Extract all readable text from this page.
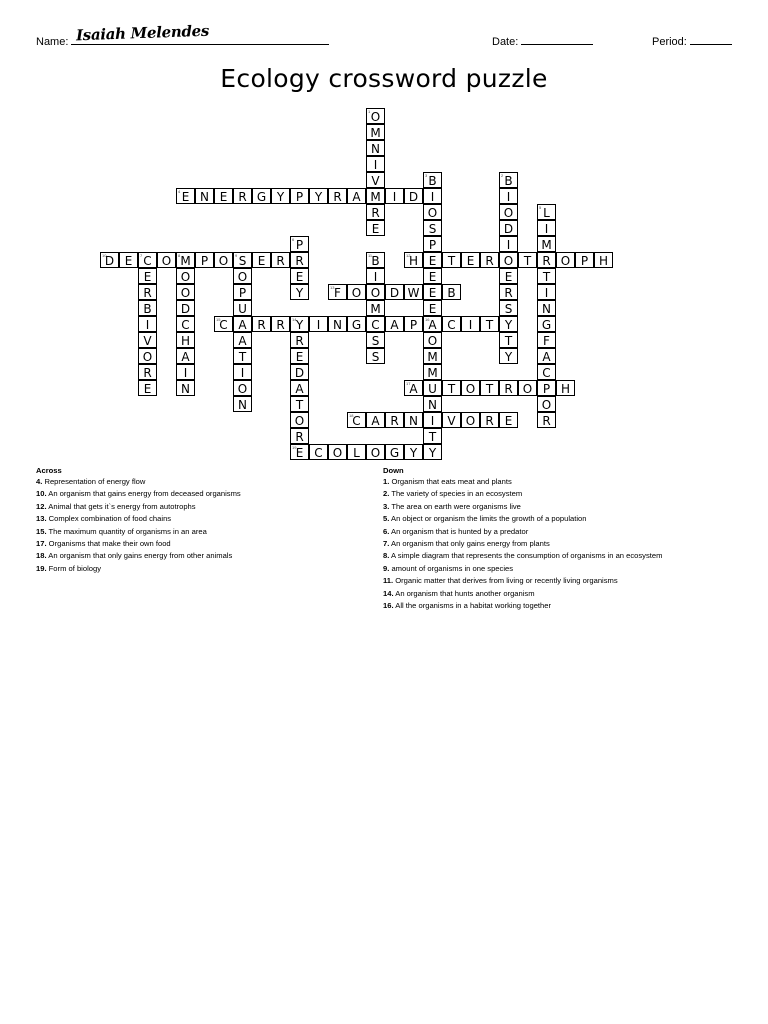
Name: Isaiah Melendes	Date:	Period:
Ecology crossword puzzle
4 E N E R G Y P Y R A M	I	D
10
D E	7 C O	8 M P O	9 S E R	12
H E T E R O T R O P H
13 F O O D W E B
15
C A R R	14 Y	I	N G C A P	16
A C	I	T Y
17
A U T O T R O P H
18
C A R N	I	V O R E
19 E C O L O G Y
1 O
M
N
I
V
R
E
2 B
I
O
D
I
E
R
S
T
Y
3 B
I
O
S
P
E
E
5 L
I
M
T
I
N
G
F
A
C
O
R
6 P
R
E
Y
E
R
B
I
V
O
R
E
O
O
D
C
H
A
I
N
O
P
U
A
T
I
O
N
11 B
I
M
S
S
R
E
D
A
T
O
R
O
M
M
N
T
Y
Across
4. Representation of energy flow
10. An organism that gains energy from deceased organisms
12. Animal that gets it`s energy from autotrophs
13. Complex combination of food chains
15. The maximum quantity of organisms in an area
17. Organisms that make their own food
18. An organism that only gains energy from other animals
19. Form of biology
Down
1. Organism that eats meat and plants
2. The variety of species in an ecosystem
3. The area on earth were organisms live
5. An object or organism the limits the growth of a population
6. An organism that is hunted by a predator
7. An organism that only gains energy from plants
8. A simple diagram that represents the consumption of organisms in an ecosystem
9. amount of organisms in one species
11. Organic matter that derives from living or recently living organisms
14. An organism that hunts another organism
16. All the organisms in a habitat working together
